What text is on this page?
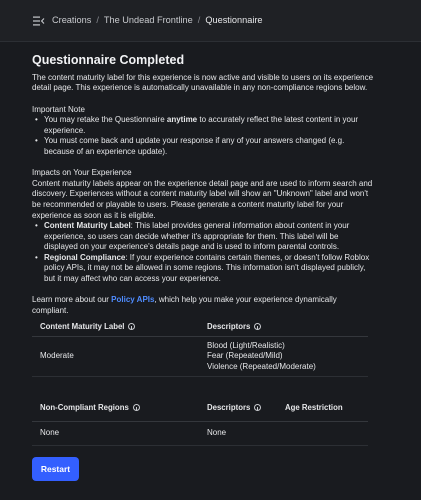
Creations / The Undead Frontline / Questionnaire
Questionnaire Completed

The content maturity label for this experience is now active and visible to users on its experience detail page. This experience is automatically unavailable in any non-compliance regions below.

Important Note

• You may retake the Questionnaire anytime to accurately reflect the latest content in your experience.
• You must come back and update your response if any of your answers changed (e.g. because of an experience update).

Impacts on Your Experience

Content maturity labels appear on the experience detail page and are used to inform search and discovery. Experiences without a content maturity label will show an "Unknown" label and won't be recommended or playable to users. Please generate a content maturity label for your experience as soon as it is eligible.

• Content Maturity Label: This label provides general information about content in your experience, so users can decide whether it's appropriate for them. This label will be displayed on your experience's details page and is used to inform parental controls.
• Regional Compliance: If your experience contains certain themes, or doesn't follow Roblox policy APIs, it may not be allowed in some regions. This information isn't displayed publicly, but it may affect who can access your experience.

Learn more about our Policy APIs, which help you make your experience dynamically compliant.

Content Maturity Label	Descriptors
Moderate
Blood (Light/Realistic)
Fear (Repeated/Mild)
Violence (Repeated/Moderate)
Non-Compliant Regions	Descriptors	Age Restriction
None	None
Restart
